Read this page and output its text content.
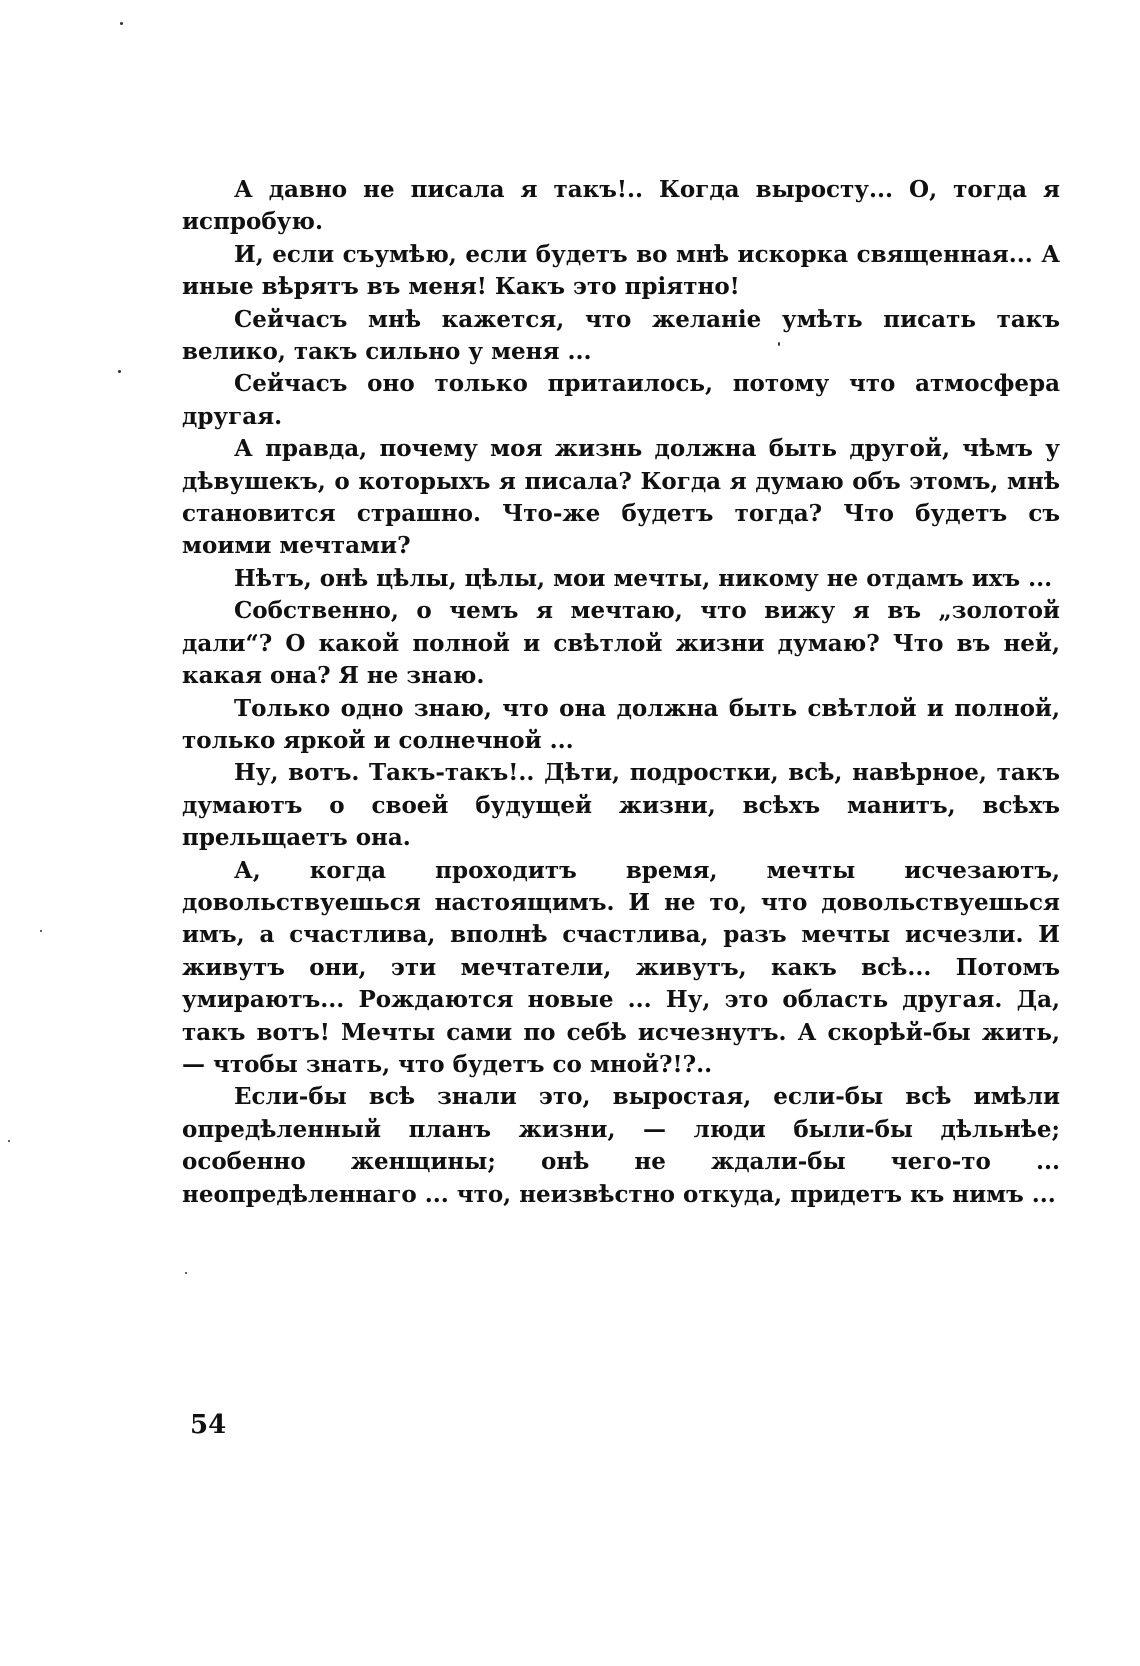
А давно не писала я такъ!.. Когда выросту... О, тогда я испробую.

И, если съумѣю, если будетъ во мнѣ искорка священная... А иные вѣрятъ въ меня! Какъ это пріятно!

Сейчасъ мнѣ кажется, что желаніе умѣть писать такъ велико, такъ сильно у меня ...

Сейчасъ оно только притаилось, потому что атмосфера другая.

А правда, почему моя жизнь должна быть другой, чѣмъ у дѣвушекъ, о которыхъ я писала? Когда я думаю объ этомъ, мнѣ становится страшно. Что-же будетъ тогда? Что будетъ съ моими мечтами?

Нѣтъ, онѣ цѣлы, цѣлы, мои мечты, никому не отдамъ ихъ ...

Собственно, о чемъ я мечтаю, что вижу я въ „золотой дали“? О какой полной и свѣтлой жизни думаю? Что въ ней, какая она? Я не знаю.

Только одно знаю, что она должна быть свѣтлой и полной, только яркой и солнечной ...

Ну, вотъ. Такъ-такъ!.. Дѣти, подростки, всѣ, навѣрное, такъ думаютъ о своей будущей жизни, всѣхъ манитъ, всѣхъ прельщаетъ она.

А, когда проходитъ время, мечты исчезаютъ, довольствуешься настоящимъ. И не то, что довольствуешься имъ, а счастлива, вполнѣ счастлива, разъ мечты исчезли. И живутъ они, эти мечтатели, живутъ, какъ всѣ... Потомъ умираютъ... Рождаются новые ... Ну, это область другая. Да, такъ вотъ! Мечты сами по себѣ исчезнутъ. А скорѣй-бы жить, — чтобы знать, что будетъ со мной?!?..

Если-бы всѣ знали это, выростая, если-бы всѣ имѣли опредѣленный планъ жизни, — люди были-бы дѣльнѣе; особенно женщины; онѣ не ждали-бы чего-то ... неопредѣленнаго ... что, неизвѣстно откуда, придетъ къ нимъ ...

54
